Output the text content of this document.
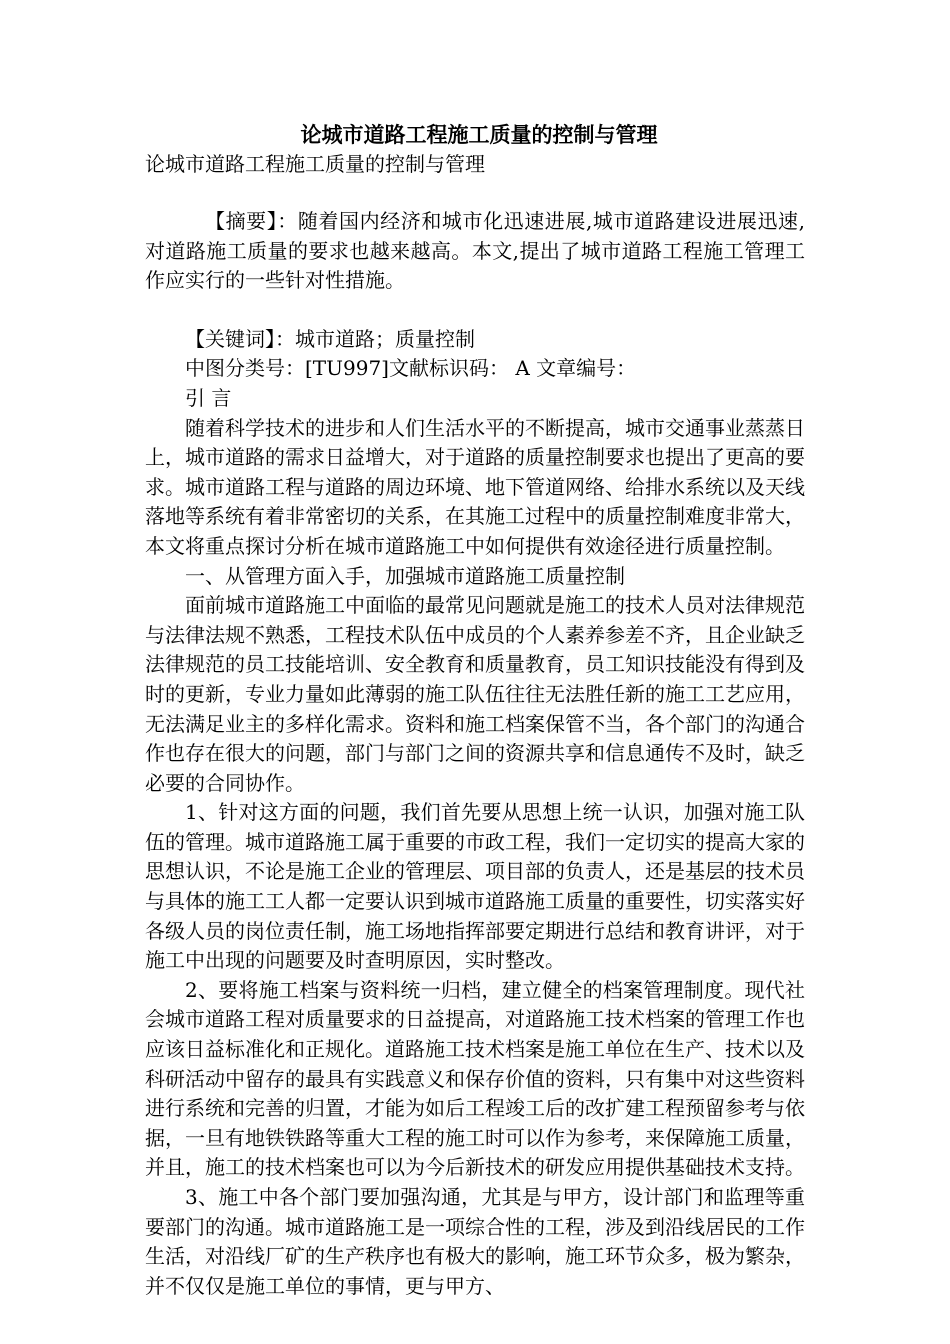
论城市道路工程施工质量的控制与管理

论城市道路工程施工质量的控制与管理

【摘要】：随着国内经济和城市化迅速进展,城市道路建设进展迅速,对道路施工质量的要求也越来越高。本文,提出了城市道路工程施工管理工作应实行的一些针对性措施。

【关键词】：城市道路；质量控制

中图分类号：[TU997]文献标识码： A 文章编号：

引 言

随着科学技术的进步和人们生活水平的不断提高，城市交通事业蒸蒸日上，城市道路的需求日益增大，对于道路的质量控制要求也提出了更高的要求。城市道路工程与道路的周边环境、地下管道网络、给排水系统以及天线落地等系统有着非常密切的关系，在其施工过程中的质量控制难度非常大，本文将重点探讨分析在城市道路施工中如何提供有效途径进行质量控制。

一、从管理方面入手，加强城市道路施工质量控制

面前城市道路施工中面临的最常见问题就是施工的技术人员对法律规范与法律法规不熟悉，工程技术队伍中成员的个人素养参差不齐，且企业缺乏法律规范的员工技能培训、安全教育和质量教育，员工知识技能没有得到及时的更新，专业力量如此薄弱的施工队伍往往无法胜任新的施工工艺应用，无法满足业主的多样化需求。资料和施工档案保管不当，各个部门的沟通合作也存在很大的问题，部门与部门之间的资源共享和信息通传不及时，缺乏必要的合同协作。

1、针对这方面的问题，我们首先要从思想上统一认识，加强对施工队伍的管理。城市道路施工属于重要的市政工程，我们一定切实的提高大家的思想认识，不论是施工企业的管理层、项目部的负责人，还是基层的技术员与具体的施工工人都一定要认识到城市道路施工质量的重要性，切实落实好各级人员的岗位责任制，施工场地指挥部要定期进行总结和教育讲评，对于施工中出现的问题要及时查明原因，实时整改。

2、要将施工档案与资料统一归档，建立健全的档案管理制度。现代社会城市道路工程对质量要求的日益提高，对道路施工技术档案的管理工作也应该日益标准化和正规化。道路施工技术档案是施工单位在生产、技术以及科研活动中留存的最具有实践意义和保存价值的资料，只有集中对这些资料进行系统和完善的归置，才能为如后工程竣工后的改扩建工程预留参考与依据，一旦有地铁铁路等重大工程的施工时可以作为参考，来保障施工质量，并且，施工的技术档案也可以为今后新技术的研发应用提供基础技术支持。

3、施工中各个部门要加强沟通，尤其是与甲方，设计部门和监理等重要部门的沟通。城市道路施工是一项综合性的工程，涉及到沿线居民的工作生活，对沿线厂矿的生产秩序也有极大的影响，施工环节众多，极为繁杂，并不仅仅是施工单位的事情，更与甲方、
